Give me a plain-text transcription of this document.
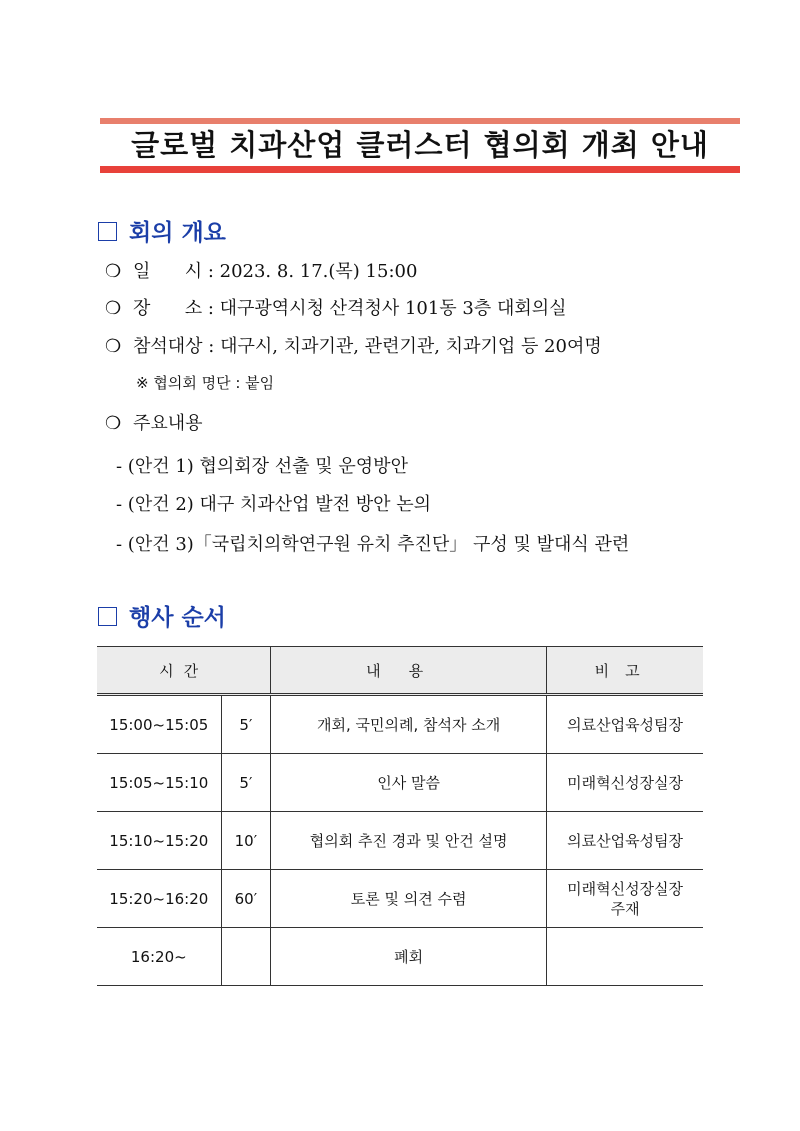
글로벌 치과산업 클러스터 협의회 개최 안내
회의 개요
❍ 일      시 : 2023. 8. 17.(목) 15:00
❍ 장      소 : 대구광역시청 산격청사 101동 3층 대회의실
❍ 참석대상 : 대구시, 치과기관, 관련기관, 치과기업 등 20여명
※ 협의회 명단 : 붙임
❍ 주요내용
- (안건 1) 협의회장 선출 및 운영방안
- (안건 2) 대구 치과산업 발전 방안 논의
- (안건 3)「국립치의학연구원 유치 추진단」 구성 및 발대식 관련
행사 순서
시간		내용	비고
15:00~15:05	5′	개회, 국민의례, 참석자 소개	의료산업육성팀장
15:05~15:10	5′	인사 말씀	미래혁신성장실장
15:10~15:20	10′	협의회 추진 경과 및 안건 설명	의료산업육성팀장
15:20~16:20	60′	토론 및 의견 수렴	미래혁신성장실장
주재

16:20~		폐회	
